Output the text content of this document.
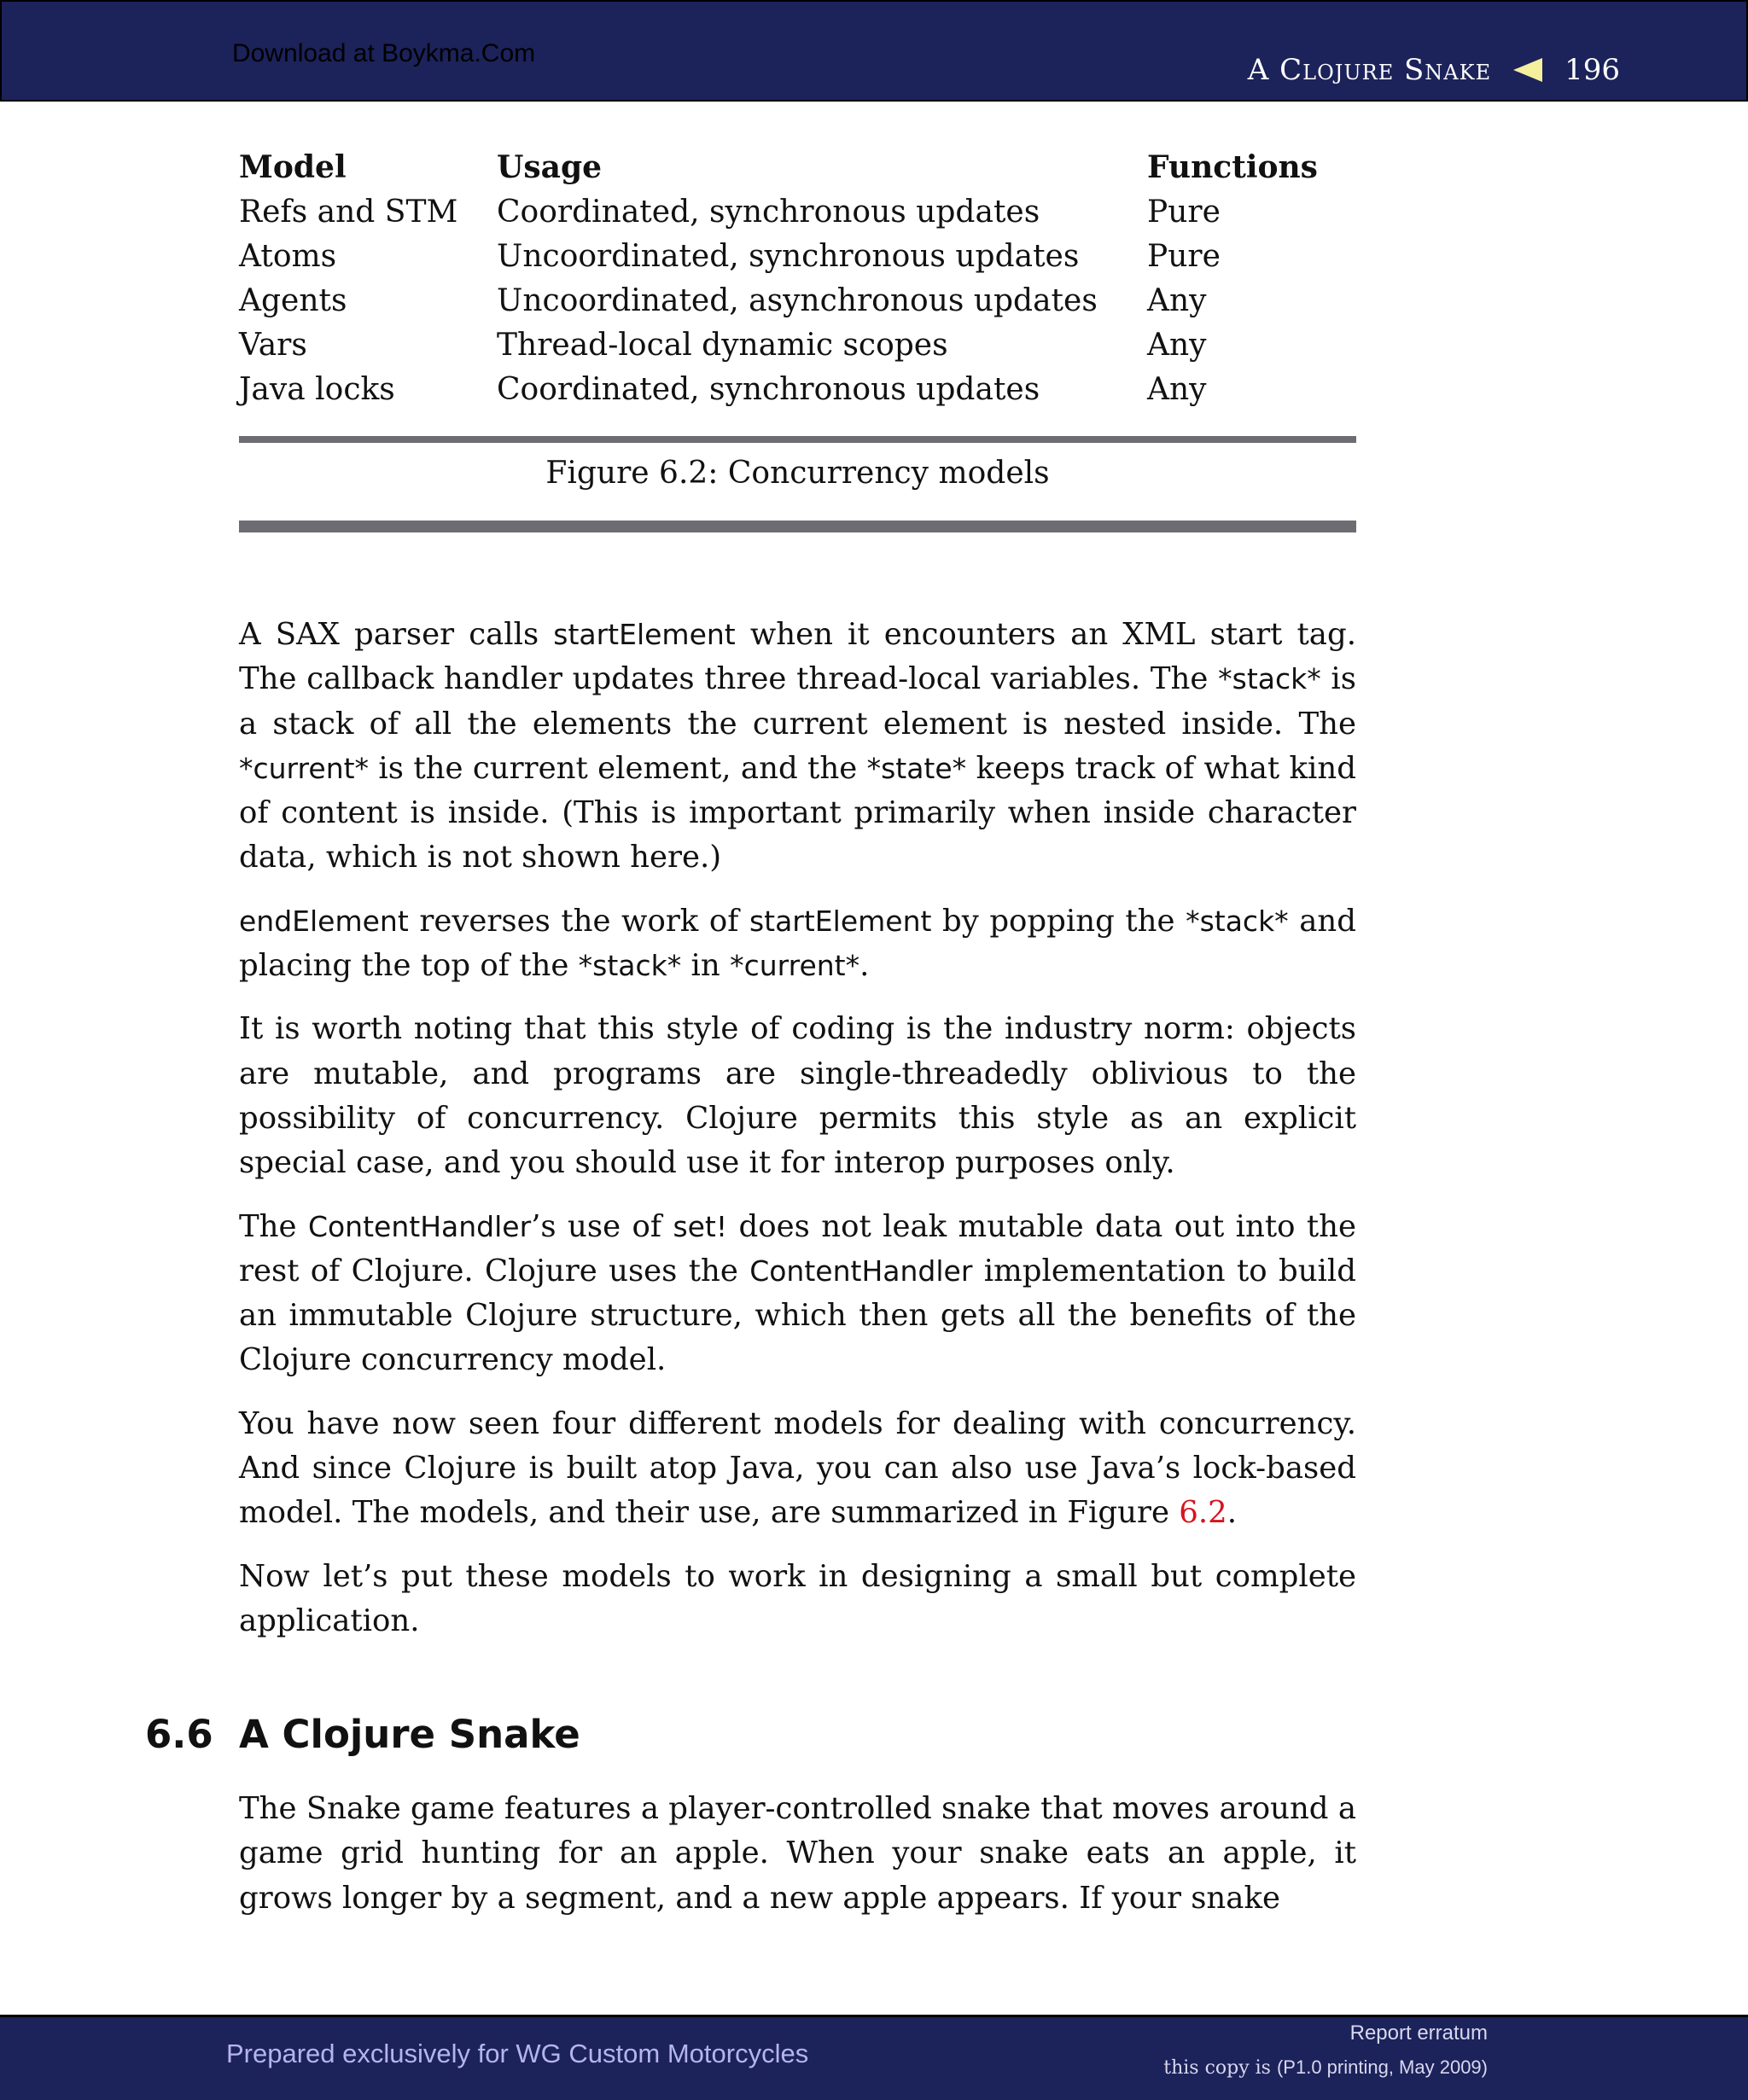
Download at Boykma.Com	A Clojure Snake	196
Model	Usage	Functions
Refs and STM	Coordinated, synchronous updates	Pure
Atoms	Uncoordinated, synchronous updates	Pure
Agents	Uncoordinated, asynchronous updates	Any
Vars	Thread-local dynamic scopes	Any
Java locks	Coordinated, synchronous updates	Any
Figure 6.2: Concurrency models

A SAX parser calls startElement when it encounters an XML start tag. The callback handler updates three thread-local variables. The *stack* is a stack of all the elements the current element is nested inside. The *current* is the current element, and the *state* keeps track of what kind of content is inside. (This is important primarily when inside character data, which is not shown here.)

endElement reverses the work of startElement by popping the *stack* and placing the top of the *stack* in *current*.

It is worth noting that this style of coding is the industry norm: objects are mutable, and programs are single-threadedly oblivious to the possibility of concurrency. Clojure permits this style as an explicit special case, and you should use it for interop purposes only.

The ContentHandler’s use of set! does not leak mutable data out into the rest of Clojure. Clojure uses the ContentHandler implementation to build an immutable Clojure structure, which then gets all the benefits of the Clojure concurrency model.

You have now seen four different models for dealing with concurrency. And since Clojure is built atop Java, you can also use Java’s lock-based model. The models, and their use, are summarized in Figure 6.2.

Now let’s put these models to work in designing a small but complete application.

6.6 A Clojure Snake

The Snake game features a player-controlled snake that moves around a game grid hunting for an apple. When your snake eats an apple, it grows longer by a segment, and a new apple appears. If your snake

Prepared exclusively for WG Custom Motorcycles
Report erratum
this copy is (P1.0 printing, May 2009)
